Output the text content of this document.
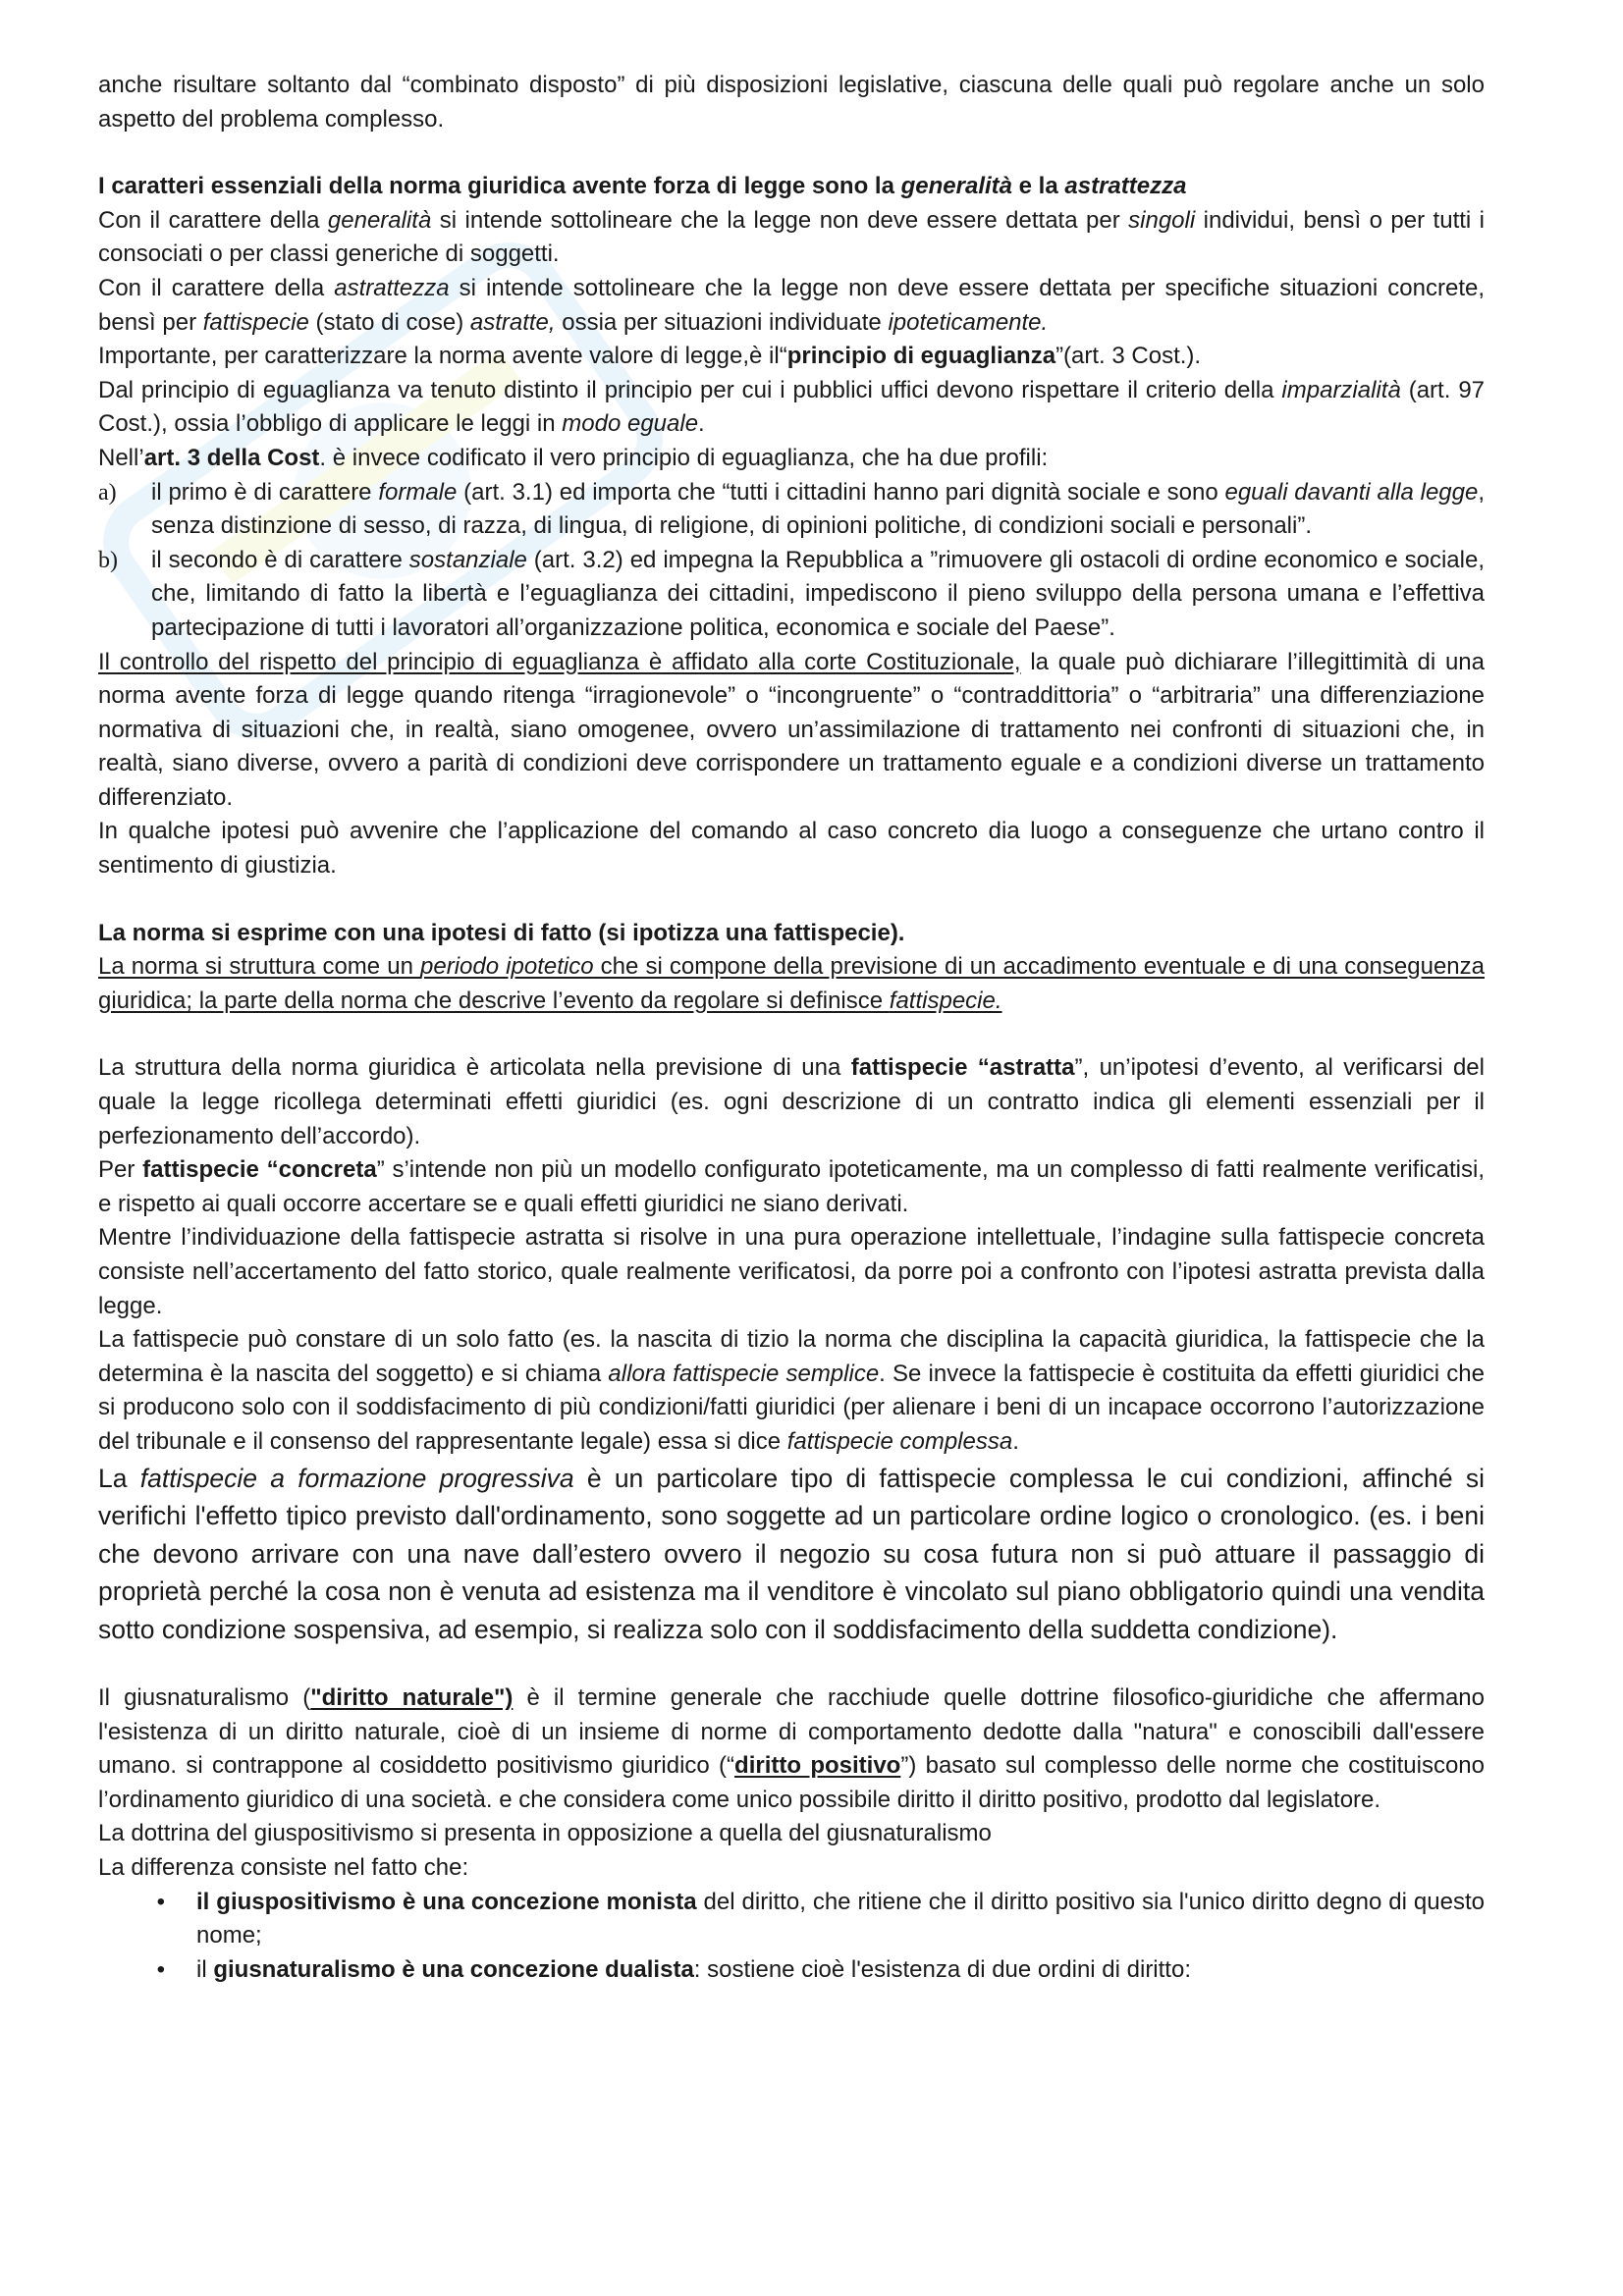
anche risultare soltanto dal “combinato disposto” di più disposizioni legislative, ciascuna delle quali può regolare anche un solo aspetto del problema complesso.

I caratteri essenziali della norma giuridica avente forza di legge sono la generalità e la astrattezza

Con il carattere della generalità si intende sottolineare che la legge non deve essere dettata per singoli individui, bensì o per tutti i consociati o per classi generiche di soggetti.

Con il carattere della astrattezza si intende sottolineare che la legge non deve essere dettata per specifiche situazioni concrete, bensì per fattispecie (stato di cose) astratte, ossia per situazioni individuate ipoteticamente.

Importante, per caratterizzare la norma avente valore di legge,è il“principio di eguaglianza”(art. 3 Cost.).

Dal principio di eguaglianza va tenuto distinto il principio per cui i pubblici uffici devono rispettare il criterio della imparzialità (art. 97 Cost.), ossia l’obbligo di applicare le leggi in modo eguale.

Nell’art. 3 della Cost. è invece codificato il vero principio di eguaglianza, che ha due profili:

a)	il primo è di carattere formale (art. 3.1) ed importa che “tutti i cittadini hanno pari dignità sociale e sono eguali davanti alla legge, senza distinzione di sesso, di razza, di lingua, di religione, di opinioni politiche, di condizioni sociali e personali”.
b)	il secondo è di carattere sostanziale (art. 3.2) ed impegna la Repubblica a ”rimuovere gli ostacoli di ordine economico e sociale, che, limitando di fatto la libertà e l’eguaglianza dei cittadini, impediscono il pieno sviluppo della persona umana e l’effettiva partecipazione di tutti i lavoratori all’organizzazione politica, economica e sociale del Paese”.

Il controllo del rispetto del principio di eguaglianza è affidato alla corte Costituzionale, la quale può dichiarare l’illegittimità di una norma avente forza di legge quando ritenga “irragionevole” o “incongruente” o “contraddittoria” o “arbitraria” una differenziazione normativa di situazioni che, in realtà, siano omogenee, ovvero un’assimilazione di trattamento nei confronti di situazioni che, in realtà, siano diverse, ovvero a parità di condizioni deve corrispondere un trattamento eguale e a condizioni diverse un trattamento differenziato.

In qualche ipotesi può avvenire che l’applicazione del comando al caso concreto dia luogo a conseguenze che urtano contro il sentimento di giustizia.

La norma si esprime con una ipotesi di fatto (si ipotizza una fattispecie).

La norma si struttura come un periodo ipotetico che si compone della previsione di un accadimento eventuale e di una conseguenza giuridica; la parte della norma che descrive l’evento da regolare si definisce fattispecie.

La struttura della norma giuridica è articolata nella previsione di una fattispecie “astratta”, un’ipotesi d’evento, al verificarsi del quale la legge ricollega determinati effetti giuridici (es. ogni descrizione di un contratto indica gli elementi essenziali per il perfezionamento dell’accordo).

Per fattispecie “concreta” s’intende non più un modello configurato ipoteticamente, ma un complesso di fatti realmente verificatisi, e rispetto ai quali occorre accertare se e quali effetti giuridici ne siano derivati.

Mentre l’individuazione della fattispecie astratta si risolve in una pura operazione intellettuale, l’indagine sulla fattispecie concreta consiste nell’accertamento del fatto storico, quale realmente verificatosi, da porre poi a confronto con l’ipotesi astratta prevista dalla legge.

La fattispecie può constare di un solo fatto (es. la nascita di tizio la norma che disciplina la capacità giuridica, la fattispecie che la determina è la nascita del soggetto) e si chiama allora fattispecie semplice. Se invece la fattispecie è costituita da effetti giuridici che si producono solo con il soddisfacimento di più condizioni/fatti giuridici (per alienare i beni di un incapace occorrono l’autorizzazione del tribunale e il consenso del rappresentante legale) essa si dice fattispecie complessa.

La fattispecie a formazione progressiva è un particolare tipo di fattispecie complessa le cui condizioni, affinché si verifichi l'effetto tipico previsto dall'ordinamento, sono soggette ad un particolare ordine logico o cronologico. (es. i beni che devono arrivare con una nave dall’estero ovvero il negozio su cosa futura non si può attuare il passaggio di proprietà perché la cosa non è venuta ad esistenza ma il venditore è vincolato sul piano obbligatorio quindi una vendita sotto condizione sospensiva, ad esempio, si realizza solo con il soddisfacimento della suddetta condizione).

Il giusnaturalismo ("diritto naturale") è il termine generale che racchiude quelle dottrine filosofico-giuridiche che affermano l'esistenza di un diritto naturale, cioè di un insieme di norme di comportamento dedotte dalla "natura" e conoscibili dall'essere umano. si contrappone al cosiddetto positivismo giuridico (“diritto positivo”) basato sul complesso delle norme che costituiscono l’ordinamento giuridico di una società. e che considera come unico possibile diritto il diritto positivo, prodotto dal legislatore.

La dottrina del giuspositivismo si presenta in opposizione a quella del giusnaturalismo

La differenza consiste nel fatto che:

•	il giuspositivismo è una concezione monista del diritto, che ritiene che il diritto positivo sia l'unico diritto degno di questo nome;
•	il giusnaturalismo è una concezione dualista: sostiene cioè l'esistenza di due ordini di diritto:
